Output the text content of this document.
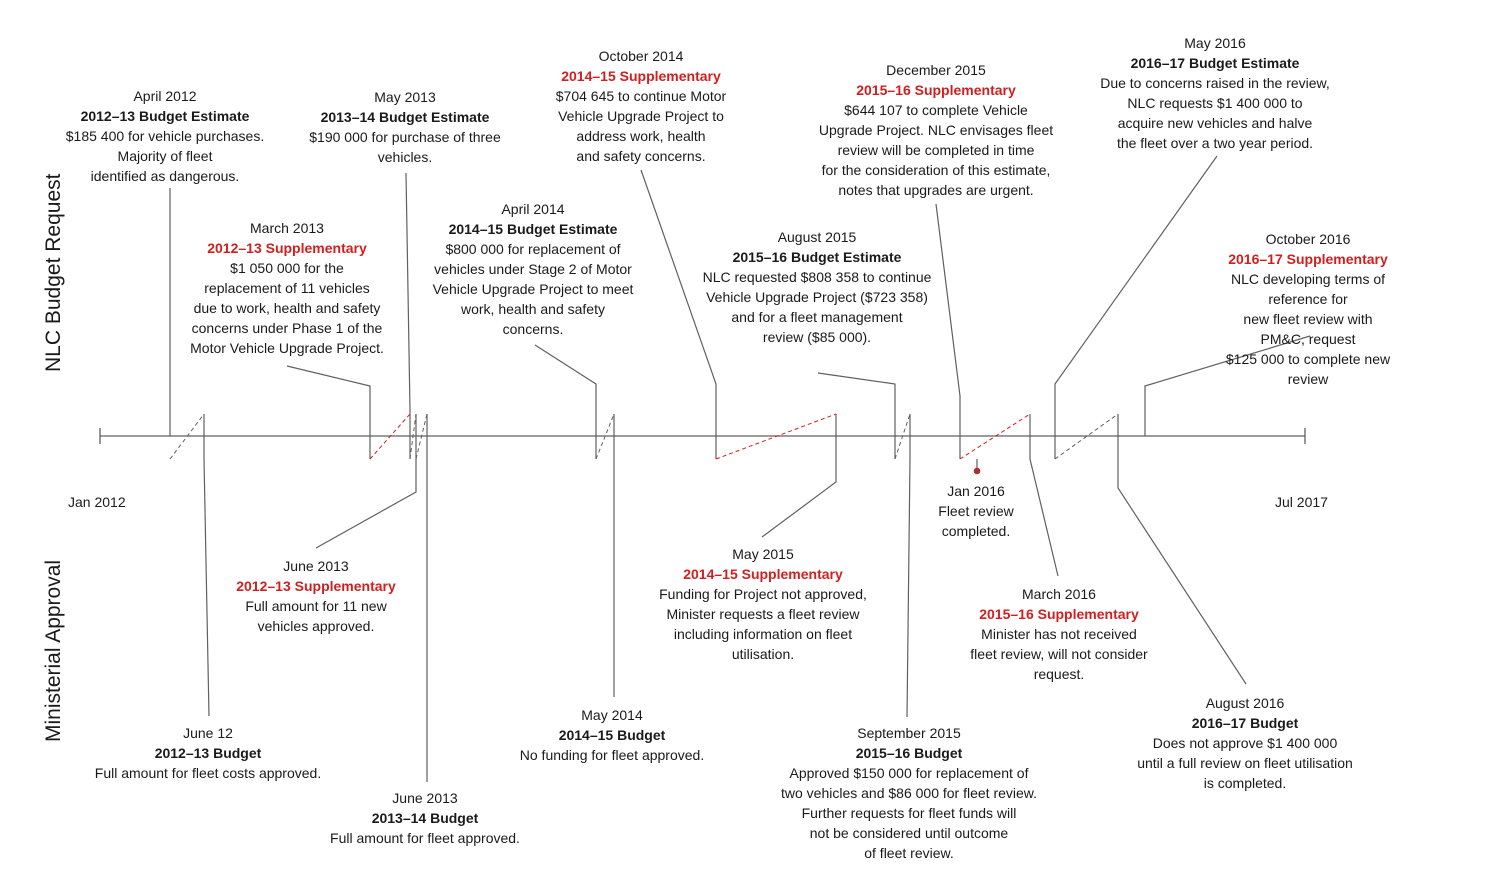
NLC Budget Request
Ministerial Approval
Jan 2012	Jul 2017
April 2012
2012–13 Budget Estimate
$185 400 for vehicle purchases.
Majority of fleet
identified as dangerous.
May 2013
2013–14 Budget Estimate
$190 000 for purchase of three
vehicles.
March 2013
2012–13 Supplementary
$1 050 000 for the
replacement of 11 vehicles
due to work, health and safety
concerns under Phase 1 of the
Motor Vehicle Upgrade Project.
April 2014
2014–15 Budget Estimate
$800 000 for replacement of
vehicles under Stage 2 of Motor
Vehicle Upgrade Project to meet
work, health and safety
concerns.
October 2014
2014–15 Supplementary
$704 645 to continue Motor
Vehicle Upgrade Project to
address work, health
and safety concerns.
August 2015
2015–16 Budget Estimate
NLC requested $808 358 to continue
Vehicle Upgrade Project ($723 358)
and for a fleet management
review ($85 000).
December 2015
2015–16 Supplementary
$644 107 to complete Vehicle
Upgrade Project. NLC envisages fleet
review will be completed in time
for the consideration of this estimate,
notes that upgrades are urgent.
May 2016
2016–17 Budget Estimate
Due to concerns raised in the review,
NLC requests $1 400 000 to
acquire new vehicles and halve
the fleet over a two year period.
October 2016
2016–17 Supplementary
NLC developing terms of reference for
new fleet review with PM&C, request
$125 000 to complete new review
June 2013
2012–13 Supplementary
Full amount for 11 new
vehicles approved.
June 12
2012–13 Budget
Full amount for fleet costs approved.
June 2013
2013–14 Budget
Full amount for fleet approved.
May 2014
2014–15 Budget
No funding for fleet approved.
May 2015
2014–15 Supplementary
Funding for Project not approved,
Minister requests a fleet review
including information on fleet
utilisation.
September 2015
2015–16 Budget
Approved $150 000 for replacement of
two vehicles and $86 000 for fleet review.
Further requests for fleet funds will
not be considered until outcome
of fleet review.
March 2016
2015–16 Supplementary
Minister has not received
fleet review, will not consider
request.
August 2016
2016–17 Budget
Does not approve $1 400 000
until a full review on fleet utilisation
is completed.
Jan 2016
Fleet review
completed.
